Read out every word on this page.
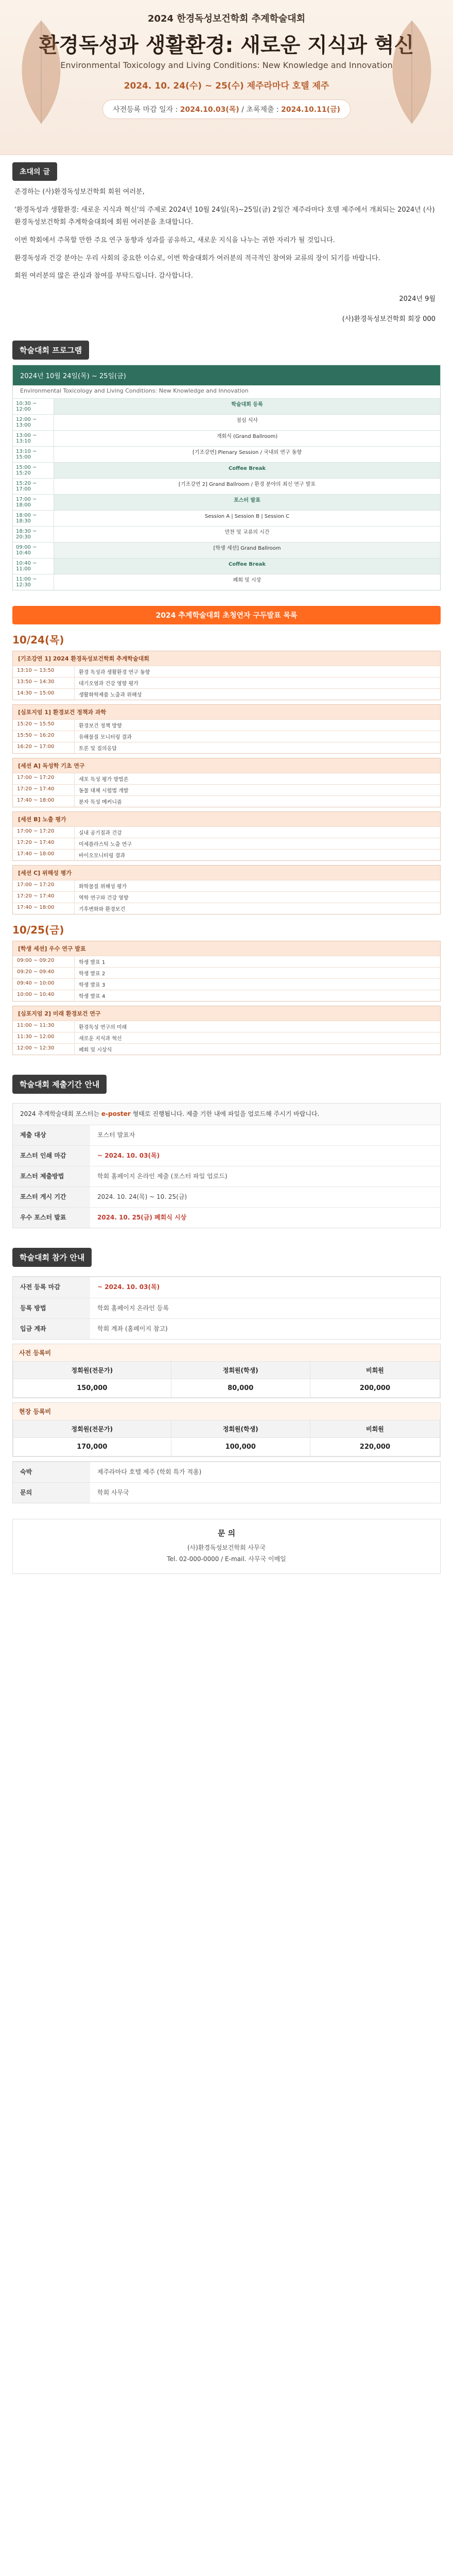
2024 한경독성보건학회 추계학술대회
환경독성과 생활환경: 새로운 지식과 혁신
Environmental Toxicology and Living Conditions: New Knowledge and Innovation
2024. 10. 24(수) ~ 25(수) 제주라마다 호텔 제주
사전등록 마감 일자 : 2024.10.03(목) / 초록제출 : 2024.10.11(금)
초대의 글

존경하는 (사)환경독성보건학회 회원 여러분,

'환경독성과 생활환경: 새로운 지식과 혁신'의 주제로 2024년 10월 24일(목)~25일(금) 2일간 제주라마다 호텔 제주에서 개최되는 2024년 (사)환경독성보건학회 추계학술대회에 회원 여러분을 초대합니다.

이번 학회에서 주목할 만한 주요 연구 동향과 성과를 공유하고, 새로운 지식을 나누는 귀한 자리가 될 것입니다.

환경독성과 건강 분야는 우리 사회의 중요한 이슈로, 이번 학술대회가 여러분의 적극적인 참여와 교류의 장이 되기를 바랍니다.

회원 여러분의 많은 관심과 참여를 부탁드립니다. 감사합니다.

2024년 9월
(사)환경독성보건학회 회장 000
학술대회 프로그램
2024년 10월 24일(목) ~ 25일(금)
Environmental Toxicology and Living Conditions: New Knowledge and Innovation
10:30 ~ 12:00
학술대회 등록
12:00 ~ 13:00
점심 식사
13:00 ~ 13:10
개회식 (Grand Ballroom)
13:10 ~ 15:00
[기조강연] Plenary Session / 국내외 연구 동향
15:00 ~ 15:20
Coffee Break
15:20 ~ 17:00
[기조강연 2] Grand Ballroom / 환경 분야의 최신 연구 발표
17:00 ~ 18:00
포스터 발표
18:00 ~ 18:30
Session A | Session B | Session C
18:30 ~ 20:30
만찬 및 교류의 시간
09:00 ~ 10:40
[학생 세션] Grand Ballroom
10:40 ~ 11:00
Coffee Break
11:00 ~ 12:30
폐회 및 시상
2024 추계학술대회 초청연자 구두발표 목록
10/24(목)
[기조강연 1] 2024 환경독성보건학회 추계학술대회
13:10 ~ 13:50	환경 독성과 생활환경 연구 동향
13:50 ~ 14:30	대기오염과 건강 영향 평가
14:30 ~ 15:00	생활화학제품 노출과 위해성
[심포지엄 1] 환경보건 정책과 과학
15:20 ~ 15:50	환경보건 정책 방향
15:50 ~ 16:20	유해물질 모니터링 결과
16:20 ~ 17:00	토론 및 질의응답
[세션 A] 독성학 기초 연구
17:00 ~ 17:20	세포 독성 평가 방법론
17:20 ~ 17:40	동물 대체 시험법 개발
17:40 ~ 18:00	분자 독성 메커니즘
[세션 B] 노출 평가
17:00 ~ 17:20	실내 공기질과 건강
17:20 ~ 17:40	미세플라스틱 노출 연구
17:40 ~ 18:00	바이오모니터링 결과
[세션 C] 위해성 평가
17:00 ~ 17:20	화학물질 위해성 평가
17:20 ~ 17:40	역학 연구와 건강 영향
17:40 ~ 18:00	기후변화와 환경보건
10/25(금)
[학생 세션] 우수 연구 발표
09:00 ~ 09:20	학생 발표 1
09:20 ~ 09:40	학생 발표 2
09:40 ~ 10:00	학생 발표 3
10:00 ~ 10:40	학생 발표 4
[심포지엄 2] 미래 환경보건 연구
11:00 ~ 11:30	환경독성 연구의 미래
11:30 ~ 12:00	새로운 지식과 혁신
12:00 ~ 12:30	폐회 및 시상식
학술대회 제출기간 안내
2024 추계학술대회 포스터는 e-poster 형태로 진행됩니다. 제출 기한 내에 파일을 업로드해 주시기 바랍니다.
제출 대상	포스터 발표자
포스터 인쇄 마감	~ 2024. 10. 03(목)
포스터 제출방법	학회 홈페이지 온라인 제출 (포스터 파일 업로드)
포스터 게시 기간	2024. 10. 24(목) ~ 10. 25(금)
우수 포스터 발표	2024. 10. 25(금) 폐회식 시상
학술대회 참가 안내
사전 등록 마감	~ 2024. 10. 03(목)
등록 방법	학회 홈페이지 온라인 등록
입금 계좌	학회 계좌 (홈페이지 참고)
사전 등록비
정회원(전문가)	정회원(학생)	비회원
150,000	80,000	200,000
현장 등록비
정회원(전문가)	정회원(학생)	비회원
170,000	100,000	220,000
숙박	제주라마다 호텔 제주 (학회 특가 적용)
문의	학회 사무국
문 의
(사)환경독성보건학회 사무국
Tel. 02-000-0000 / E-mail. 사무국 이메일
